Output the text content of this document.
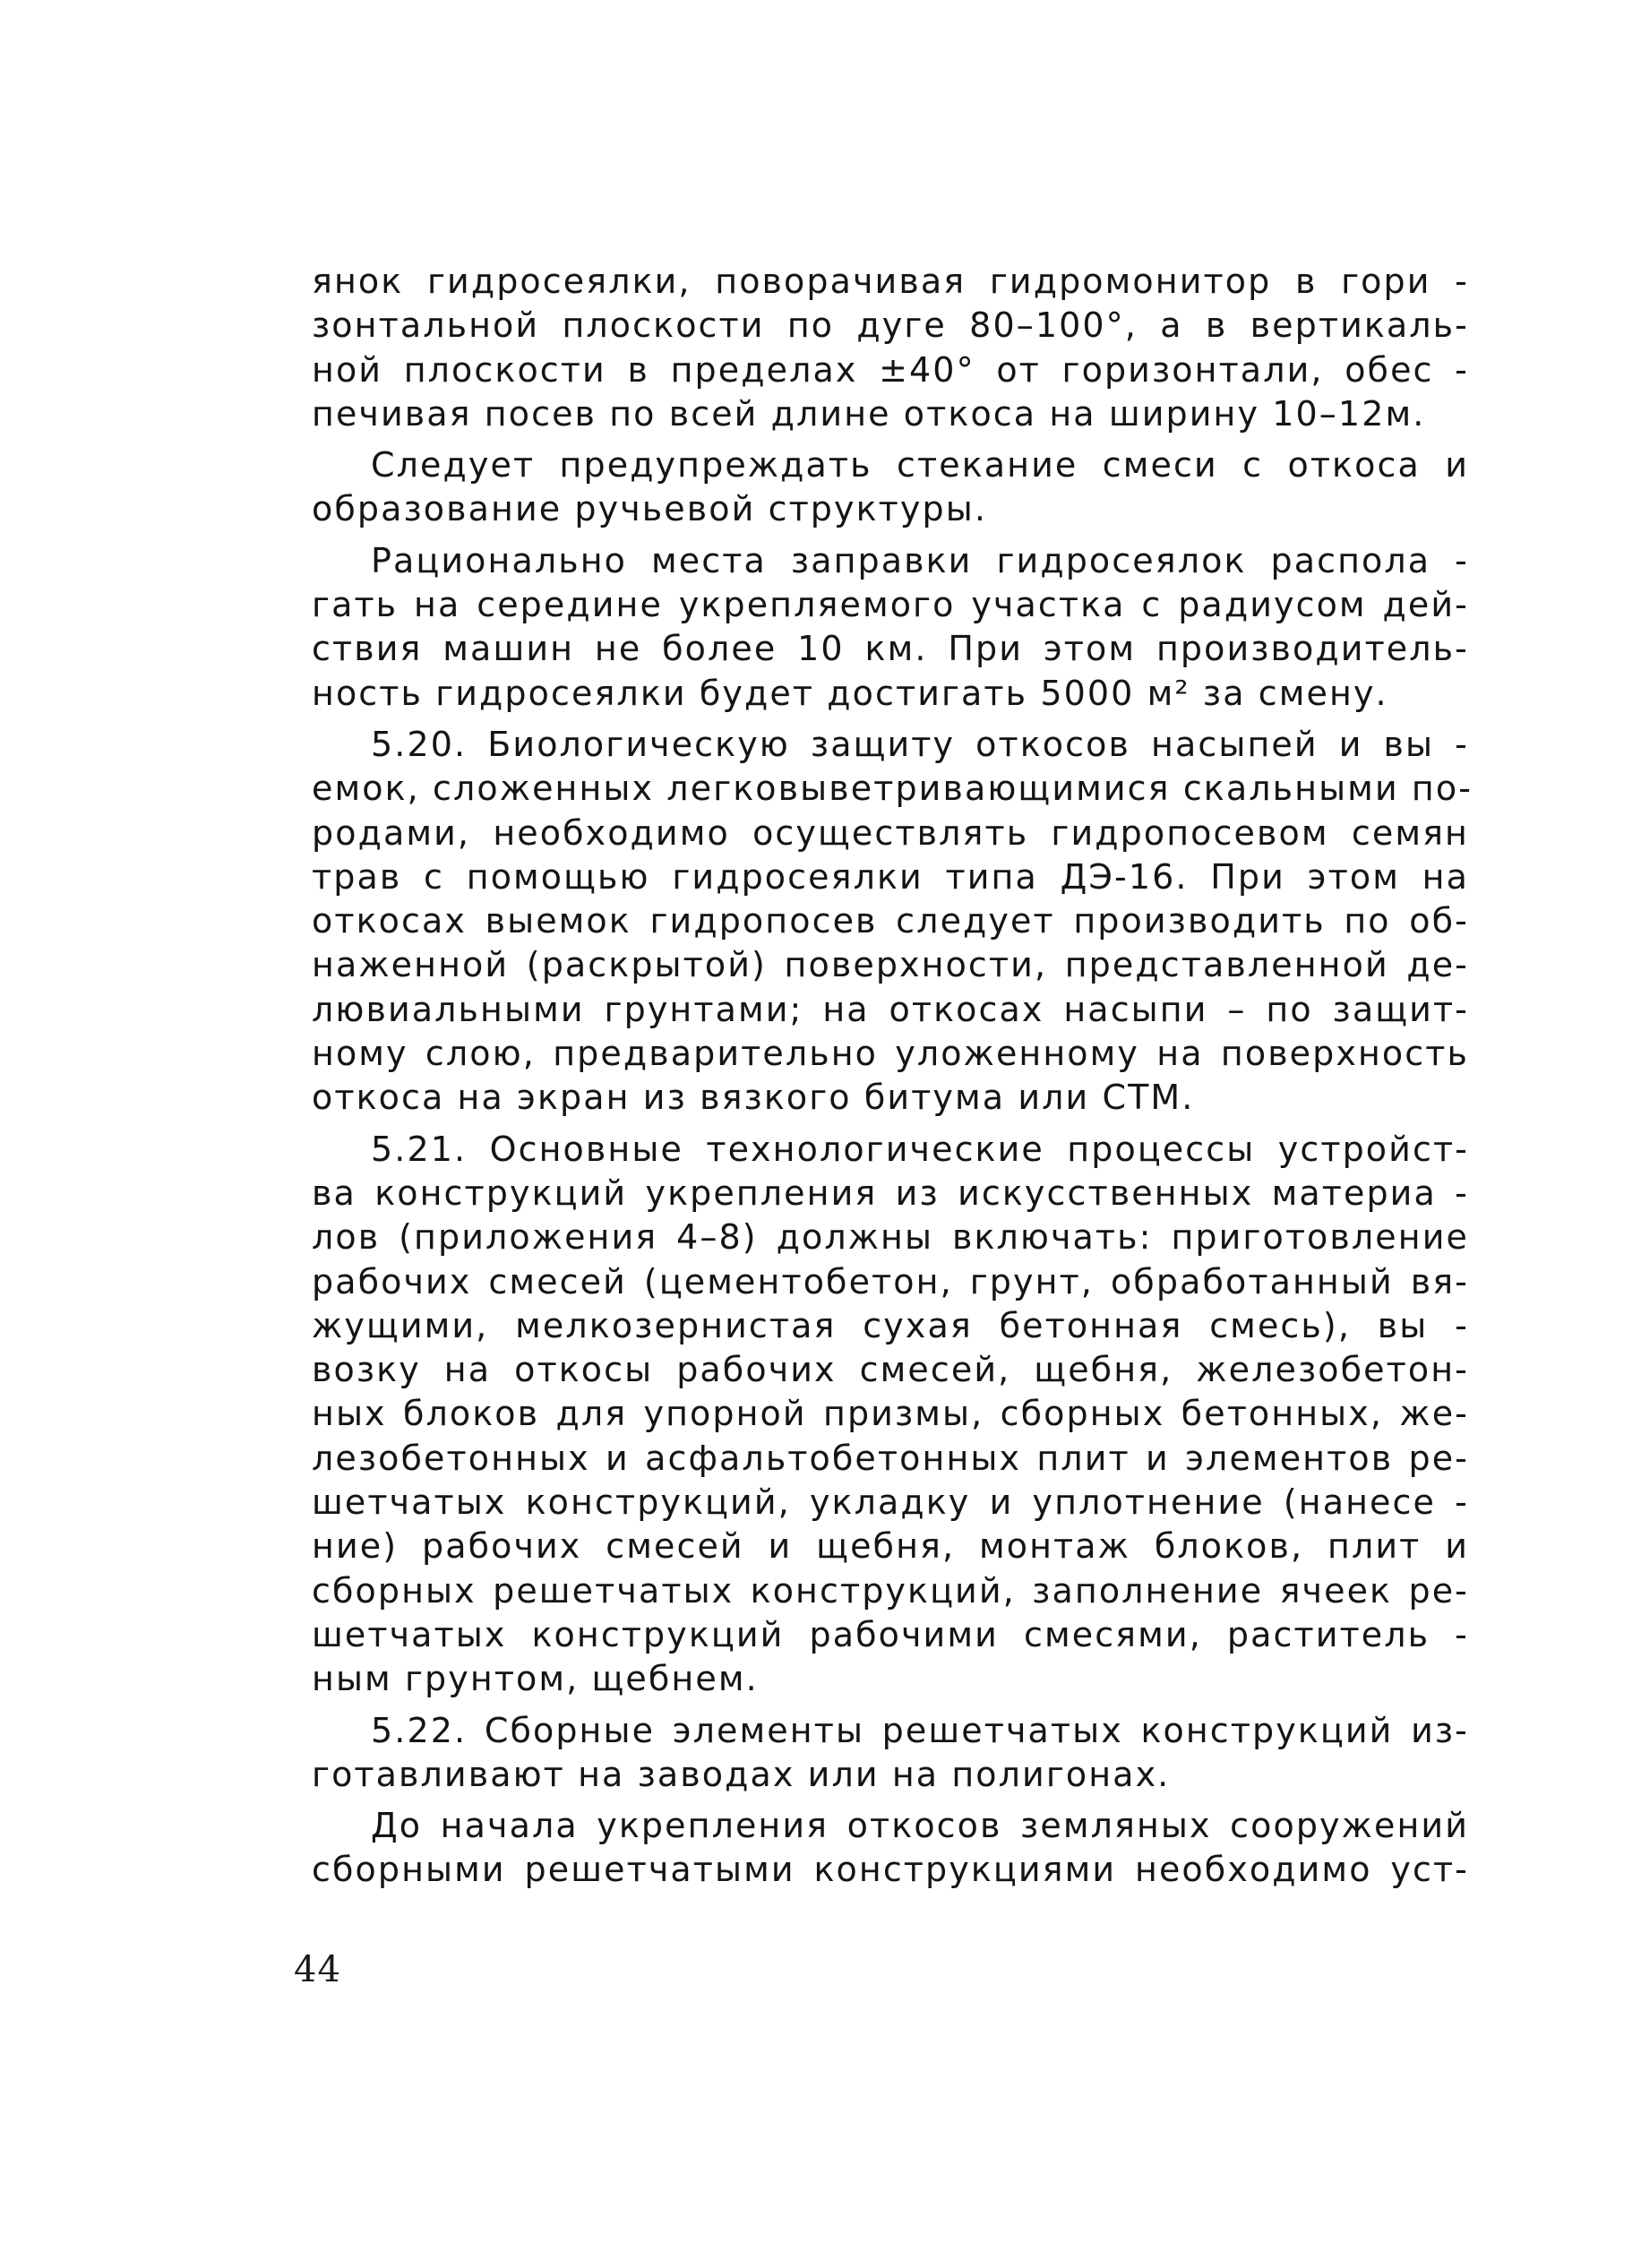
янок гидросеялки, поворачивая гидромонитор в гори -
зонтальной плоскости по дуге 80–100°, а в вертикаль-
ной плоскости в пределах ±40° от горизонтали, обес -
печивая посев по всей длине откоса на ширину 10–12м.
Следует предупреждать стекание смеси с откоса и
образование ручьевой структуры.
Рационально места заправки гидросеялок распола -
гать на середине укрепляемого участка с радиусом дей-
ствия машин не более 10 км. При этом производитель-
ность гидросеялки будет достигать 5000 м² за смену.
5.20. Биологическую защиту откосов насыпей и вы -
емок, сложенных легковыветривающимися скальными по-
родами, необходимо осуществлять гидропосевом семян
трав с помощью гидросеялки типа ДЭ-16. При этом на
откосах выемок гидропосев следует производить по об-
наженной (раскрытой) поверхности, представленной де-
лювиальными грунтами; на откосах насыпи – по защит-
ному слою, предварительно уложенному на поверхность
откоса на экран из вязкого битума или СТМ.
5.21. Основные технологические процессы устройст-
ва конструкций укрепления из искусственных материа -
лов (приложения 4–8) должны включать: приготовление
рабочих смесей (цементобетон, грунт, обработанный вя-
жущими, мелкозернистая сухая бетонная смесь), вы -
возку на откосы рабочих смесей, щебня, железобетон-
ных блоков для упорной призмы, сборных бетонных, же-
лезобетонных и асфальтобетонных плит и элементов ре-
шетчатых конструкций, укладку и уплотнение (нанесе -
ние) рабочих смесей и щебня, монтаж блоков, плит и
сборных решетчатых конструкций, заполнение ячеек ре-
шетчатых конструкций рабочими смесями, раститель -
ным грунтом, щебнем.
5.22. Сборные элементы решетчатых конструкций из-
готавливают на заводах или на полигонах.
До начала укрепления откосов земляных сооружений
сборными решетчатыми конструкциями необходимо уст-
44
